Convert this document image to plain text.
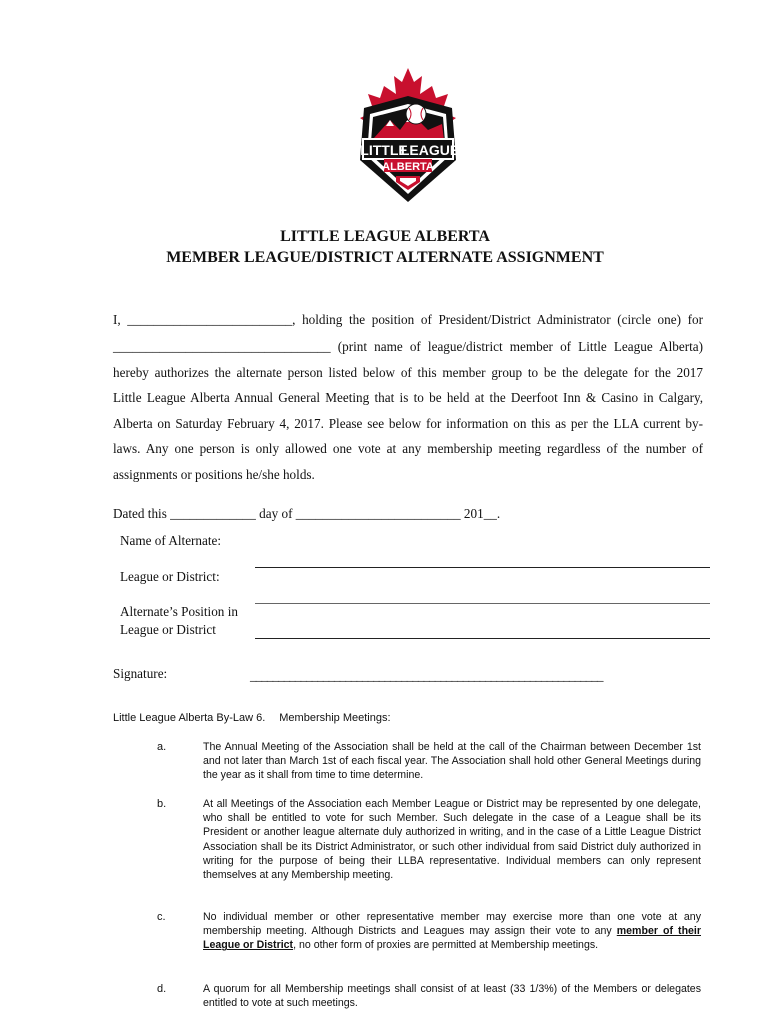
LITTLE
LEAGUE
ALBERTA
LITTLE LEAGUE ALBERTA
MEMBER LEAGUE/DISTRICT ALTERNATE ASSIGNMENT
I, _________________________, holding the position of President/District Administrator (circle one) for
_________________________________ (print name of league/district member of Little League Alberta)
hereby authorizes the alternate person listed below of this member group to be the delegate for the 2017
Little League Alberta Annual General Meeting that is to be held at the Deerfoot Inn & Casino in Calgary,
Alberta on Saturday February 4, 2017. Please see below for information on this as per the LLA current by-
laws. Any one person is only allowed one vote at any membership meeting regardless of the number of
assignments or positions he/she holds.
Dated this _____________ day of _________________________ 201__.
Name of Alternate:
League or District:
Alternate’s Position in
League or District
Signature:	_______________________________________________________________
Little League Alberta By-Law 6. Membership Meetings:
a.	The Annual Meeting of the Association shall be held at the call of the Chairman between December 1st and not later than March 1st of each fiscal year. The Association shall hold other General Meetings during the year as it shall from time to time determine.
b.	At all Meetings of the Association each Member League or District may be represented by one delegate, who shall be entitled to vote for such Member. Such delegate in the case of a League shall be its President or another league alternate duly authorized in writing, and in the case of a Little League District Association shall be its District Administrator, or such other individual from said District duly authorized in writing for the purpose of being their LLBA representative. Individual members can only represent themselves at any Membership meeting.
c.	No individual member or other representative member may exercise more than one vote at any membership meeting. Although Districts and Leagues may assign their vote to any member of their League or District, no other form of proxies are permitted at Membership meetings.
d.	A quorum for all Membership meetings shall consist of at least (33 1/3%) of the Members or delegates entitled to vote at such meetings.
